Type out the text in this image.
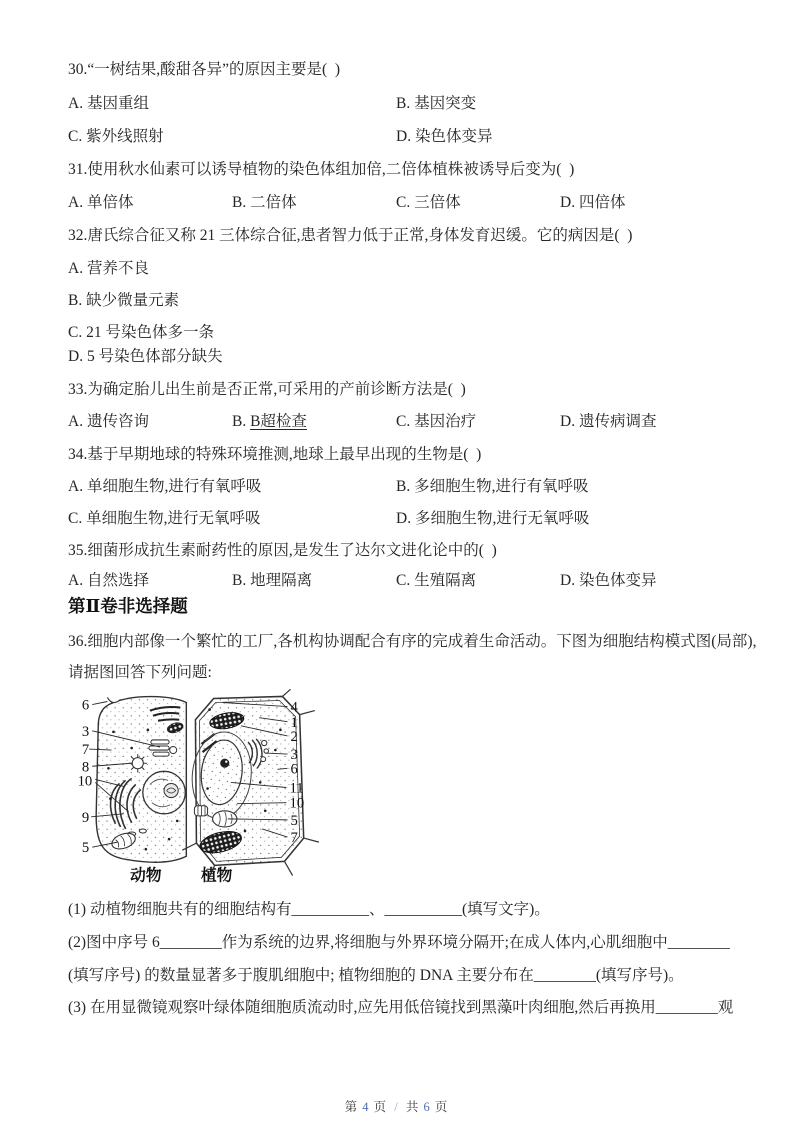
30.“一树结果,酸甜各异”的原因主要是(  )
A. 基因重组	B. 基因突变
C. 紫外线照射	D. 染色体变异
31.使用秋水仙素可以诱导植物的染色体组加倍,二倍体植株被诱导后变为(  )
A. 单倍体	B. 二倍体	C. 三倍体	D. 四倍体
32.唐氏综合征又称 21 三体综合征,患者智力低于正常,身体发育迟缓。它的病因是(  )
A. 营养不良
B. 缺少微量元素
C. 21 号染色体多一条
D. 5 号染色体部分缺失
33.为确定胎儿出生前是否正常,可采用的产前诊断方法是(  )
A. 遗传咨询	B. B超检查	C. 基因治疗	D. 遗传病调查
34.基于早期地球的特殊环境推测,地球上最早出现的生物是(  )
A. 单细胞生物,进行有氧呼吸	B. 多细胞生物,进行有氧呼吸
C. 单细胞生物,进行无氧呼吸	D. 多细胞生物,进行无氧呼吸
35.细菌形成抗生素耐药性的原因,是发生了达尔文进化论中的(  )
A. 自然选择	B. 地理隔离	C. 生殖隔离	D. 染色体变异
第Ⅱ卷非选择题
36.细胞内部像一个繁忙的工厂,各机构协调配合有序的完成着生命活动。下图为细胞结构模式图(局部),
请据图回答下列问题:
6
3
7
8
10
9
5
4
1
2
3
6
11
10
5
7
动物	植物
(1) 动植物细胞共有的细胞结构有__________、__________(填写文字)。
(2)图中序号 6________作为系统的边界,将细胞与外界环境分隔开;在成人体内,心肌细胞中________
(填写序号) 的数量显著多于腹肌细胞中; 植物细胞的 DNA 主要分布在________(填写序号)。
(3) 在用显微镜观察叶绿体随细胞质流动时,应先用低倍镜找到黑藻叶肉细胞,然后再换用________观
第 4 页 / 共 6 页
